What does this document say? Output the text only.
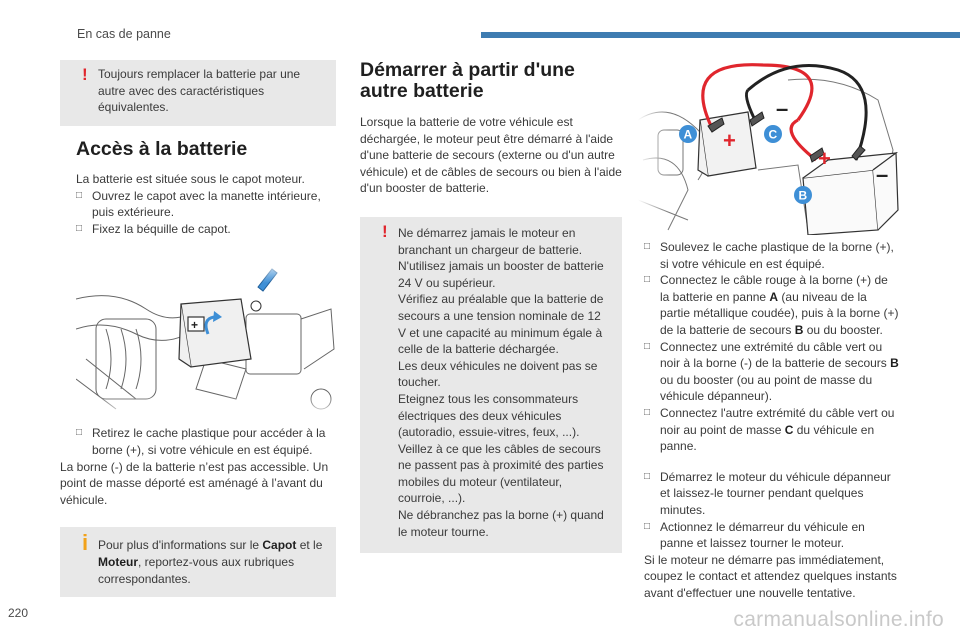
En cas de panne
! Toujours remplacer la batterie par une autre avec des caractéristiques équivalentes.

Accès à la batterie

La batterie est située sous le capot moteur.

□ Ouvrez le capot avec la manette intérieure, puis extérieure.
□ Fixez la béquille de capot.
□ Retirez le cache plastique pour accéder à la borne (+), si votre véhicule en est équipé.

La borne (-) de la batterie n’est pas accessible. Un point de masse déporté est aménagé à l’avant du véhicule.

i Pour plus d'informations sur le Capot et le Moteur, reportez-vous aux rubriques correspondantes.

Démarrer à partir d'une autre batterie

Lorsque la batterie de votre véhicule est déchargée, le moteur peut être démarré à l'aide d'une batterie de secours (externe ou d'un autre véhicule) et de câbles de secours ou bien à l'aide d'un booster de batterie.

! Ne démarrez jamais le moteur en branchant un chargeur de batterie.
N'utilisez jamais un booster de batterie 24 V ou supérieur.
Vérifiez au préalable que la batterie de secours a une tension nominale de 12 V et une capacité au minimum égale à celle de la batterie déchargée.
Les deux véhicules ne doivent pas se toucher.
Eteignez tous les consommateurs électriques des deux véhicules (autoradio, essuie-vitres, feux, ...).
Veillez à ce que les câbles de secours ne passent pas à proximité des parties mobiles du moteur (ventilateur, courroie, ...).
Ne débranchez pas la borne (+) quand le moteur tourne.

□ Soulevez le cache plastique de la borne (+), si votre véhicule en est équipé.
□ Connectez le câble rouge à la borne (+) de la batterie en panne A (au niveau de la partie métallique coudée), puis à la borne (+) de la batterie de secours B ou du booster.
□ Connectez une extrémité du câble vert ou noir à la borne (-) de la batterie de secours B ou du booster (ou au point de masse du véhicule dépanneur).
□ Connectez l'autre extrémité du câble vert ou noir au point de masse C du véhicule en panne.
□ Démarrez le moteur du véhicule dépanneur et laissez-le tourner pendant quelques minutes.
□ Actionnez le démarreur du véhicule en panne et laissez tourner le moteur.

Si le moteur ne démarre pas immédiatement, coupez le contact et attendez quelques instants avant d'effectuer une nouvelle tentative.

220	carmanualsonline.info
